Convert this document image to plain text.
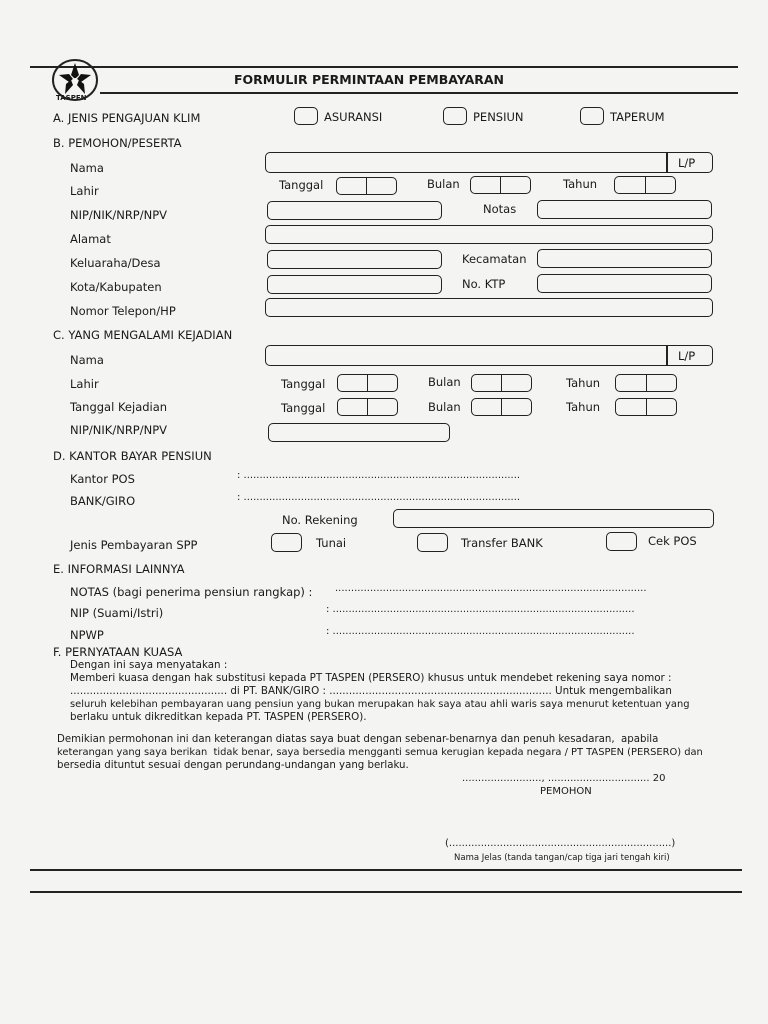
TASPEN
FORMULIR PERMINTAAN PEMBAYARAN
A. JENIS PENGAJUAN KLIM	ASURANSI	PENSIUN	TAPERUM
B. PEMOHON/PESERTA
Nama	L/P
Lahir	Tanggal	Bulan	Tahun
NIP/NIK/NRP/NPV	Notas
Alamat
Keluaraha/Desa	Kecamatan
Kota/Kabupaten	No. KTP
Nomor Telepon/HP
C. YANG MENGALAMI KEJADIAN
Nama	L/P
Lahir	Tanggal	Bulan	Tahun
Tanggal Kejadian	Tanggal	Bulan	Tahun
NIP/NIK/NRP/NPV
D. KANTOR BAYAR PENSIUN
Kantor POS	: .......................................................................................
BANK/GIRO	: .......................................................................................
No. Rekening
Jenis Pembayaran SPP	Tunai	Transfer BANK	Cek POS
E. INFORMASI LAINNYA
NOTAS (bagi penerima pensiun rangkap) : ..................................................................................................
NIP (Suami/Istri)	: ...............................................................................................
NPWP	: ...............................................................................................
F. PERNYATAAN KUASA
Dengan ini saya menyatakan :
Memberi kuasa dengan hak substitusi kepada PT TASPEN (PERSERO) khusus untuk mendebet rekening saya nomor :
................................................ di PT. BANK/GIRO : .................................................................... Untuk mengembalikan
seluruh kelebihan pembayaran uang pensiun yang bukan merupakan hak saya atau ahli waris saya menurut ketentuan yang
berlaku untuk dikreditkan kepada PT. TASPEN (PERSERO).
Demikian permohonan ini dan keterangan diatas saya buat dengan sebenar-benarnya dan penuh kesadaran,  apabila
keterangan yang saya berikan  tidak benar, saya bersedia mengganti semua kerugian kepada negara / PT TASPEN (PERSERO) dan
bersedia dituntut sesuai dengan perundang-undangan yang berlaku.
........................., ................................ 20
PEMOHON
(......................................................................)
Nama Jelas (tanda tangan/cap tiga jari tengah kiri)
